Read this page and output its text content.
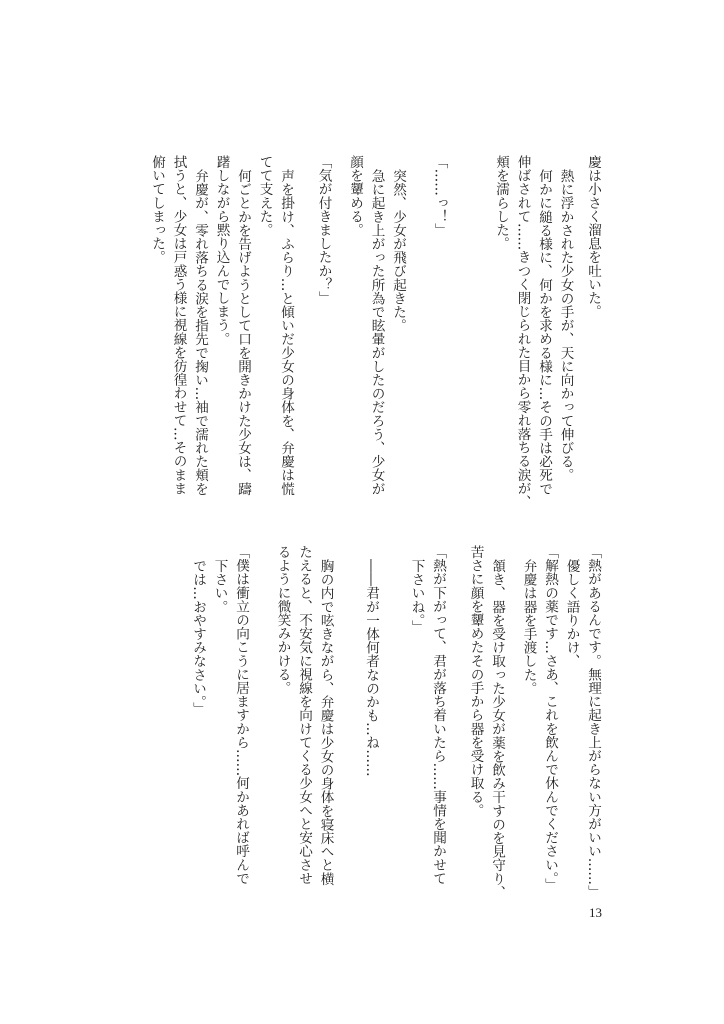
慶は小さく溜息を吐いた。
熱に浮かされた少女の手が、天に向かって伸びる。
何かに縋る様に、何かを求める様に…その手は必死で
伸ばされて……きつく閉じられた目から零れ落ちる涙が、
頬を濡らした。
「……っ！」
突然、少女が飛び起きた。
急に起き上がった所為で眩暈がしたのだろう、少女が
顔を顰める。
「気が付きましたか？」
声を掛け、ふらり…と傾いだ少女の身体を、弁慶は慌
てて支えた。
何ごとかを告げようとして口を開きかけた少女は、躊
躇しながら黙り込んでしまう。
弁慶が、零れ落ちる涙を指先で掬い…袖で濡れた頬を
拭うと、少女は戸惑う様に視線を彷徨わせて…そのまま
俯いてしまった。
「熱があるんです。無理に起き上がらない方がいい……」
優しく語りかけ、
「解熱の薬です…さあ、これを飲んで休んでください。」
弁慶は器を手渡した。
頷き、器を受け取った少女が薬を飲み干すのを見守り、
苦さに顔を顰めたその手から器を受け取る。
「熱が下がって、君が落ち着いたら……事情を聞かせて
下さいね。」
――君が一体何者なのかも…ね……
胸の内で呟きながら、弁慶は少女の身体を寝床へと横
たえると、不安気に視線を向けてくる少女へと安心させ
るように微笑みかける。
「僕は衝立の向こうに居ますから……何かあれば呼んで
下さい。
では…おやすみなさい。」
13
